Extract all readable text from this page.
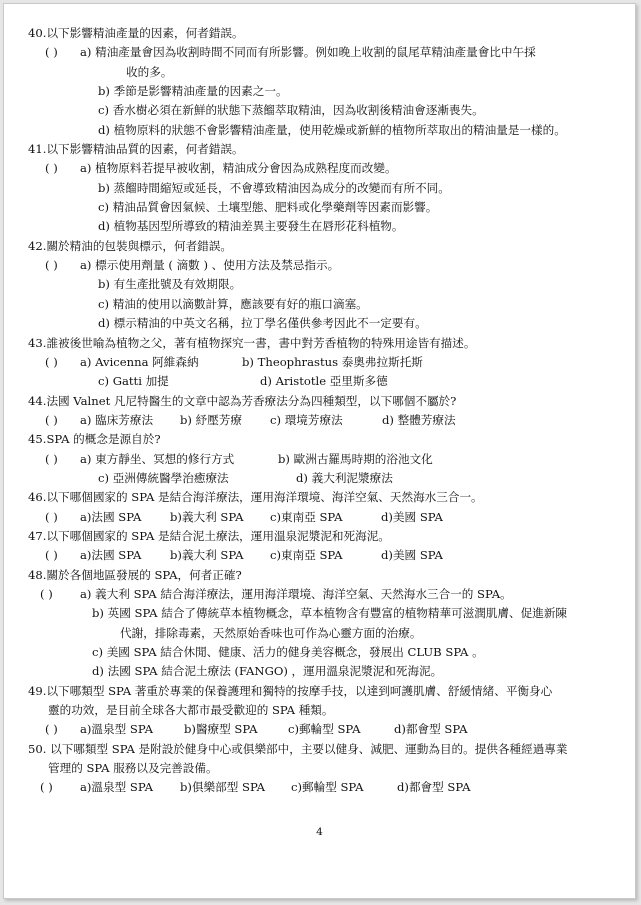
40.以下影響精油產量的因素，何者錯誤。
( ) a) 精油產量會因為收割時間不同而有所影響。例如晚上收割的鼠尾草精油產量會比中午採
收的多。
b) 季節是影響精油產量的因素之一。
c) 香水樹必須在新鮮的狀態下蒸餾萃取精油，因為收割後精油會逐漸喪失。
d) 植物原料的狀態不會影響精油產量，使用乾燥或新鮮的植物所萃取出的精油量是一樣的。
41.以下影響精油品質的因素，何者錯誤。
( ) a) 植物原料若提早被收割，精油成分會因為成熟程度而改變。
b) 蒸餾時間縮短或延長，不會導致精油因為成分的改變而有所不同。
c) 精油品質會因氣候、土壤型態、肥料或化學藥劑等因素而影響。
d) 植物基因型所導致的精油差異主要發生在唇形花科植物。
42.關於精油的包裝與標示，何者錯誤。
( ) a) 標示使用劑量 ( 滴數 ) 、使用方法及禁忌指示。
b) 有生產批號及有效期限。
c) 精油的使用以滴數計算，應該要有好的瓶口滴塞。
d) 標示精油的中英文名稱，拉丁學名僅供參考因此不一定要有。
43.誰被後世喻為植物之父，著有植物探究一書，書中對芳香植物的特殊用途皆有描述。
( ) a) Avicenna 阿維森納	b) Theophrastus 泰奧弗拉斯托斯
c) Gatti 加提	d) Aristotle 亞里斯多德
44.法國 Valnet 凡尼特醫生的文章中認為芳香療法分為四種類型，以下哪個不屬於?
( ) a) 臨床芳療法 b) 紓壓芳療 c) 環境芳療法	d) 整體芳療法
45.SPA 的概念是源自於?
( ) a) 東方靜坐、冥想的修行方式	b) 歐洲古羅馬時期的浴池文化
c) 亞洲傳統醫學治癒療法	d) 義大利泥漿療法
46.以下哪個國家的 SPA 是結合海洋療法，運用海洋環境、海洋空氣、天然海水三合一。
( ) a)法國 SPA b)義大利 SPA c)東南亞 SPA	d)美國 SPA
47.以下哪個國家的 SPA 是結合泥土療法，運用溫泉泥漿泥和死海泥。
( ) a)法國 SPA b)義大利 SPA c)東南亞 SPA	d)美國 SPA
48.關於各個地區發展的 SPA，何者正確?
( ) a) 義大利 SPA 結合海洋療法，運用海洋環境、海洋空氣、天然海水三合一的 SPA。
b) 英國 SPA 結合了傳統草本植物概念，草本植物含有豐富的植物精華可滋潤肌膚、促進新陳
代謝，排除毒素，天然原始香味也可作為心靈方面的治療。
c) 美國 SPA 結合休閒、健康、活力的健身美容概念，發展出 CLUB SPA 。
d) 法國 SPA 結合泥土療法 (FANGO) ，運用溫泉泥漿泥和死海泥。
49.以下哪類型 SPA 著重於專業的保養護理和獨特的按摩手技，以達到呵護肌膚、舒緩情緒、平衡身心
靈的功效，是目前全球各大都市最受歡迎的 SPA 種類。
( ) a)溫泉型 SPA	b)醫療型 SPA	c)郵輪型 SPA	d)都會型 SPA
50. 以下哪類型 SPA 是附設於健身中心或俱樂部中，主要以健身、減肥、運動為目的。提供各種經過專業
管理的 SPA 服務以及完善設備。
( ) a)溫泉型 SPA b)俱樂部型 SPA c)郵輪型 SPA	d)都會型 SPA
4
